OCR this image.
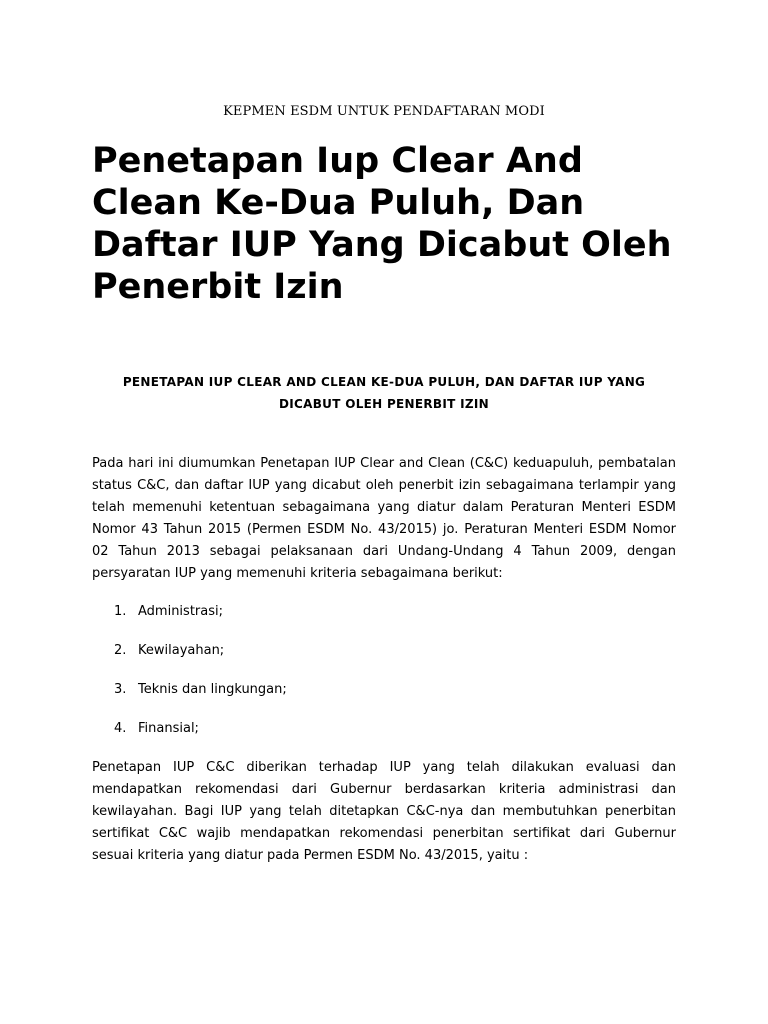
KEPMEN ESDM UNTUK PENDAFTARAN MODI
Penetapan Iup Clear And Clean Ke-Dua Puluh, Dan Daftar IUP Yang Dicabut Oleh Penerbit Izin
PENETAPAN IUP CLEAR AND CLEAN KE-DUA PULUH, DAN DAFTAR IUP YANG DICABUT OLEH PENERBIT IZIN

Pada hari ini diumumkan Penetapan IUP Clear and Clean (C&C) keduapuluh, pembatalan status C&C, dan daftar IUP yang dicabut oleh penerbit izin sebagaimana terlampir yang telah memenuhi ketentuan sebagaimana yang diatur dalam Peraturan Menteri ESDM Nomor 43 Tahun 2015 (Permen ESDM No. 43/2015) jo. Peraturan Menteri ESDM Nomor 02 Tahun 2013 sebagai pelaksanaan dari Undang-Undang 4 Tahun 2009, dengan persyaratan IUP yang memenuhi kriteria sebagaimana berikut:

1. Administrasi;
2. Kewilayahan;
3. Teknis dan lingkungan;
4. Finansial;

Penetapan IUP C&C diberikan terhadap IUP yang telah dilakukan evaluasi dan mendapatkan rekomendasi dari Gubernur berdasarkan kriteria administrasi dan kewilayahan. Bagi IUP yang telah ditetapkan C&C-nya dan membutuhkan penerbitan sertifikat C&C wajib mendapatkan rekomendasi penerbitan sertifikat dari Gubernur sesuai kriteria yang diatur pada Permen ESDM No. 43/2015, yaitu :
